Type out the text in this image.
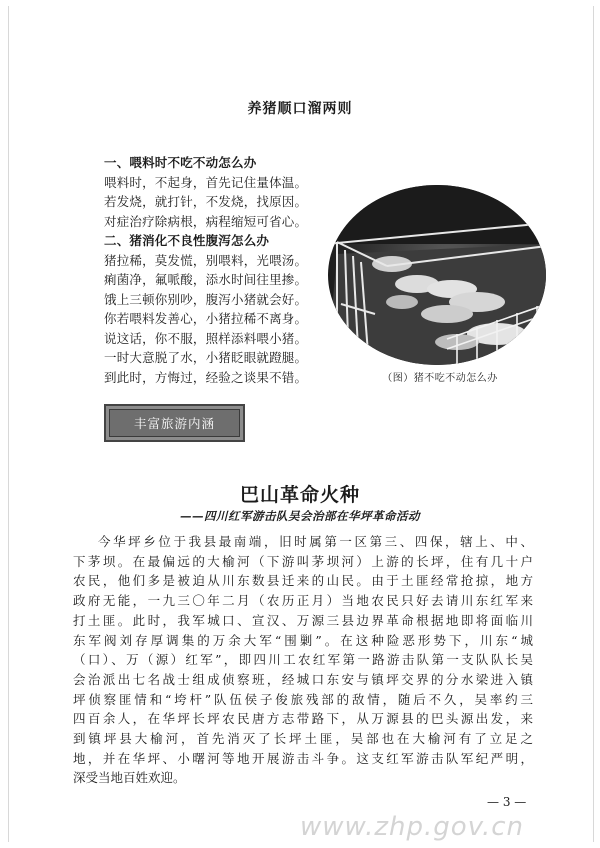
养猪顺口溜两则
一、喂料时不吃不动怎么办
喂料时，不起身，首先记住量体温。
若发烧，就打针，不发烧，找原因。
对症治疗除病根，病程缩短可省心。
二、猪消化不良性腹泻怎么办
猪拉稀，莫发慌，别喂料，光喂汤。
痢菌净，氟哌酸，添水时间往里掺。
饿上三顿你别吵，腹泻小猪就会好。
你若喂料发善心，小猪拉稀不离身。
说这话，你不服，照样添料喂小猪。
一时大意脱了水，小猪眨眼就蹬腿。
到此时，方悔过，经验之谈果不错。	（图）猪不吃不动怎么办
丰富旅游内涵
巴山革命火种
——四川红军游击队吴会治部在华坪革命活动
今华坪乡位于我县最南端，旧时属第一区第三、四保，辖上、中、
下茅坝。在最偏远的大榆河（下游叫茅坝河）上游的长坪，住有几十户
农民，他们多是被迫从川东数县迁来的山民。由于土匪经常抢掠，地方
政府无能，一九三〇年二月（农历正月）当地农民只好去请川东红军来
打土匪。此时，我军城口、宣汉、万源三县边界革命根据地即将面临川
东军阀刘存厚调集的万余大军“围剿”。在这种险恶形势下，川东“城
（口）、万（源）红军”，即四川工农红军第一路游击队第一支队队长吴
会治派出七名战士组成侦察班，经城口东安与镇坪交界的分水梁进入镇
坪侦察匪情和“垮杆”队伍侯子俊旅残部的敌情，随后不久，吴率约三
四百余人，在华坪长坪农民唐方志带路下，从万源县的巴头源出发，来
到镇坪县大榆河，首先消灭了长坪土匪，吴部也在大榆河有了立足之
地，并在华坪、小曙河等地开展游击斗争。这支红军游击队军纪严明，
深受当地百姓欢迎。
— 3 —
www.zhp.gov.cn
